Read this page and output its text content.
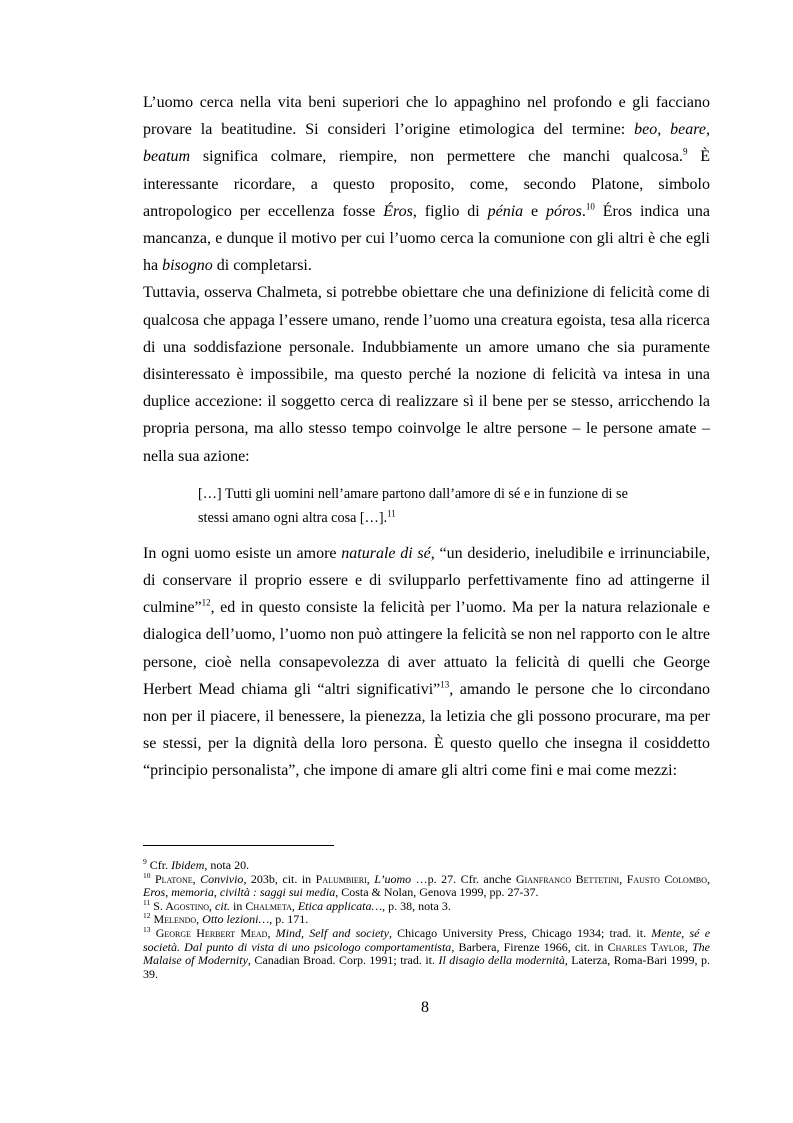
L’uomo cerca nella vita beni superiori che lo appaghino nel profondo e gli facciano provare la beatitudine. Si consideri l’origine etimologica del termine: beo, beare, beatum significa colmare, riempire, non permettere che manchi qualcosa.$^9$ È interessante ricordare, a questo proposito, come, secondo Platone, simbolo antropologico per eccellenza fosse Éros, figlio di pénia e póros.$^{10}$ Éros indica una mancanza, e dunque il motivo per cui l’uomo cerca la comunione con gli altri è che egli ha bisogno di completarsi.

Tuttavia, osserva Chalmeta, si potrebbe obiettare che una definizione di felicità come di qualcosa che appaga l’essere umano, rende l’uomo una creatura egoista, tesa alla ricerca di una soddisfazione personale. Indubbiamente un amore umano che sia puramente disinteressato è impossibile, ma questo perché la nozione di felicità va intesa in una duplice accezione: il soggetto cerca di realizzare sì il bene per se stesso, arricchendo la propria persona, ma allo stesso tempo coinvolge le altre persone – le persone amate – nella sua azione:

[…] Tutti gli uomini nell’amare partono dall’amore di sé e in funzione di se stessi amano ogni altra cosa […].$^{11}$

In ogni uomo esiste un amore naturale di sé, “un desiderio, ineludibile e irrinunciabile, di conservare il proprio essere e di svilupparlo perfettivamente fino ad attingerne il culmine”$^{12}$, ed in questo consiste la felicità per l’uomo. Ma per la natura relazionale e dialogica dell’uomo, l’uomo non può attingere la felicità se non nel rapporto con le altre persone, cioè nella consapevolezza di aver attuato la felicità di quelli che George Herbert Mead chiama gli “altri significativi”$^{13}$, amando le persone che lo circondano non per il piacere, il benessere, la pienezza, la letizia che gli possono procurare, ma per se stessi, per la dignità della loro persona. È questo quello che insegna il cosiddetto “principio personalista”, che impone di amare gli altri come fini e mai come mezzi:

$^9$ Cfr. Ibidem, nota 20.

$^{10}$ Platone, Convivio, 203b, cit. in Palumbieri, L’uomo …p. 27. Cfr. anche Gianfranco Bettetini, Fausto Colombo, Eros, memoria, civiltà : saggi sui media, Costa & Nolan, Genova 1999, pp. 27-37.

$^{11}$ S. Agostino, cit. in Chalmeta, Etica applicata…, p. 38, nota 3.

$^{12}$ Melendo, Otto lezioni…, p. 171.

$^{13}$ George Herbert Mead, Mind, Self and society, Chicago University Press, Chicago 1934; trad. it. Mente, sé e società. Dal punto di vista di uno psicologo comportamentista, Barbera, Firenze 1966, cit. in Charles Taylor, The Malaise of Modernity, Canadian Broad. Corp. 1991; trad. it. Il disagio della modernità, Laterza, Roma-Bari 1999, p. 39.

8
